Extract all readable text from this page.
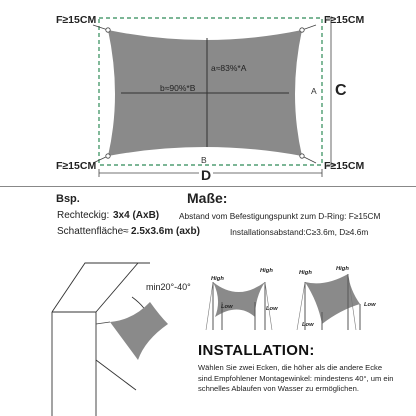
F≥15CM	F≥15CM
F≥15CM	F≥15CM
a≈83%*A
b≈90%*B	A C
B
D
Bsp.	Maße:
Rechteckig: 3x4 (AxB) Abstand vom Befestigungspunkt zum D-Ring: F≥15CM
Schattenfläche≈ 2.5x3.6m (axb)	Installationsabstand:C≥3.6m, D≥4.6m
min20°-40°
High
High
Low	Low
High
High
Low
Low
INSTALLATION:
Wählen Sie zwei Ecken, die höher als die andere Ecke sind.Empfohlener Montagewinkel: mindestens 40°, um ein schnelles Ablaufen von Wasser zu ermöglichen.
